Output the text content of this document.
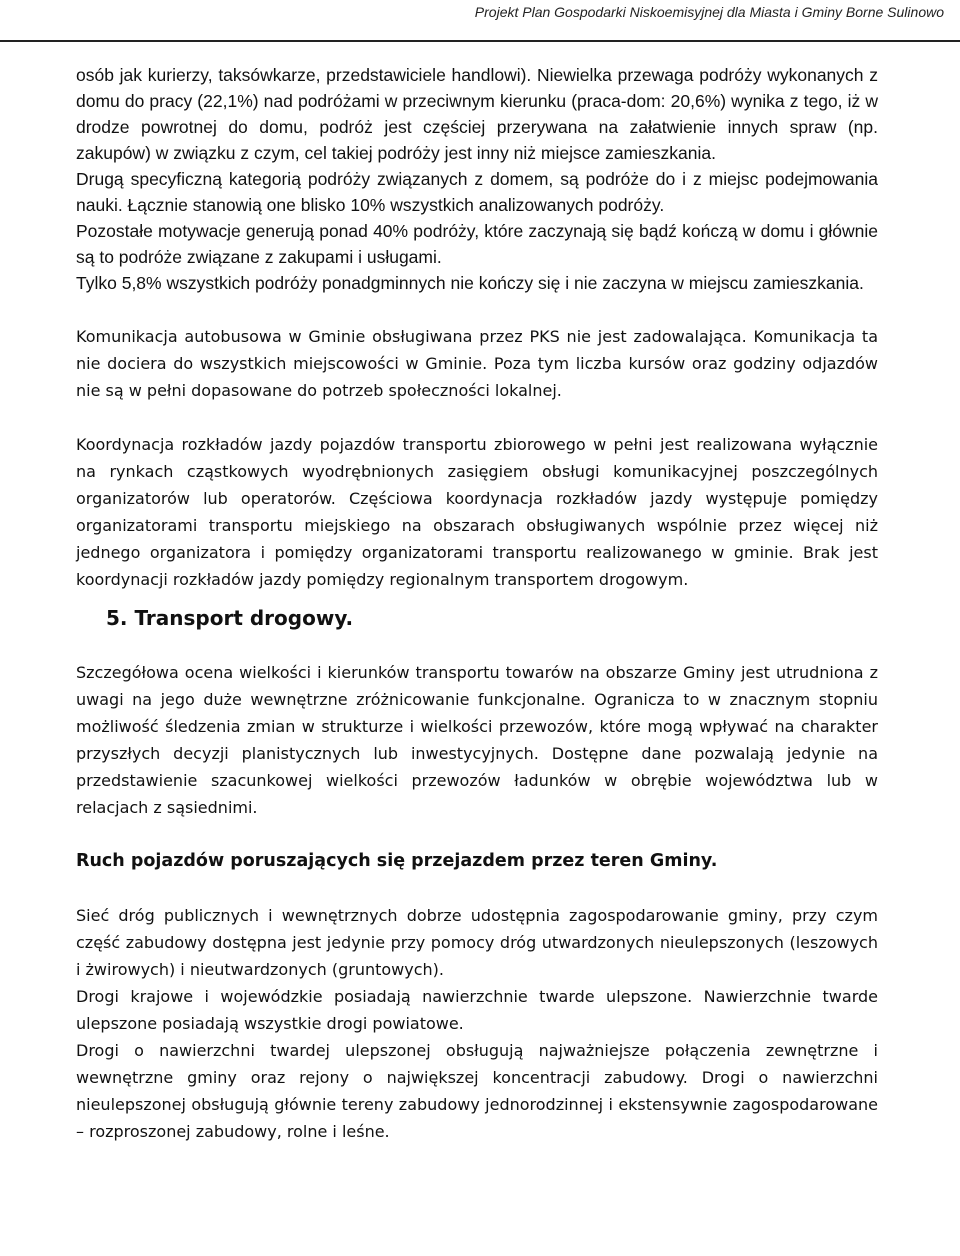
Projekt Plan Gospodarki Niskoemisyjnej dla Miasta i Gminy Borne Sulinowo

osób jak kurierzy, taksówkarze, przedstawiciele handlowi). Niewielka przewaga podróży wykonanych z domu do pracy (22,1%) nad podróżami w przeciwnym kierunku (praca-dom: 20,6%) wynika z tego, iż w drodze powrotnej do domu, podróż jest częściej przerywana na załatwienie innych spraw (np. zakupów) w związku z czym, cel takiej podróży jest inny niż miejsce zamieszkania.

Drugą specyficzną kategorią podróży związanych z domem, są podróże do i z miejsc podejmowania nauki. Łącznie stanowią one blisko 10% wszystkich analizowanych podróży.

Pozostałe motywacje generują ponad 40% podróży, które zaczynają się bądź kończą w domu i głównie są to podróże związane z zakupami i usługami.

Tylko 5,8% wszystkich podróży ponadgminnych nie kończy się i nie zaczyna w miejscu zamieszkania.

Komunikacja autobusowa w Gminie obsługiwana przez PKS nie jest zadowalająca. Komunikacja ta nie dociera do wszystkich miejscowości w Gminie. Poza tym liczba kursów oraz godziny odjazdów nie są w pełni dopasowane do potrzeb społeczności lokalnej.

Koordynacja rozkładów jazdy pojazdów transportu zbiorowego w pełni jest realizowana wyłącznie na rynkach cząstkowych wyodrębnionych zasięgiem obsługi komunikacyjnej poszczególnych organizatorów lub operatorów. Częściowa koordynacja rozkładów jazdy występuje pomiędzy organizatorami transportu miejskiego na obszarach obsługiwanych wspólnie przez więcej niż jednego organizatora i pomiędzy organizatorami transportu realizowanego w gminie. Brak jest koordynacji rozkładów jazdy pomiędzy regionalnym transportem drogowym.

5. Transport drogowy.

Szczegółowa ocena wielkości i kierunków transportu towarów na obszarze Gminy jest utrudniona z uwagi na jego duże wewnętrzne zróżnicowanie funkcjonalne. Ogranicza to w znacznym stopniu możliwość śledzenia zmian w strukturze i wielkości przewozów, które mogą wpływać na charakter przyszłych decyzji planistycznych lub inwestycyjnych. Dostępne dane pozwalają jedynie na przedstawienie szacunkowej wielkości przewozów ładunków w obrębie województwa lub w relacjach z sąsiednimi.

Ruch pojazdów poruszających się przejazdem przez teren Gminy.

Sieć dróg publicznych i wewnętrznych dobrze udostępnia zagospodarowanie gminy, przy czym część zabudowy dostępna jest jedynie przy pomocy dróg utwardzonych nieulepszonych (leszowych i żwirowych) i nieutwardzonych (gruntowych).

Drogi krajowe i wojewódzkie posiadają nawierzchnie twarde ulepszone. Nawierzchnie twarde ulepszone posiadają wszystkie drogi powiatowe.

Drogi o nawierzchni twardej ulepszonej obsługują najważniejsze połączenia zewnętrzne i wewnętrzne gminy oraz rejony o największej koncentracji zabudowy. Drogi o nawierzchni nieulepszonej obsługują głównie tereny zabudowy jednorodzinnej i ekstensywnie zagospodarowane – rozproszonej zabudowy, rolne i leśne.
